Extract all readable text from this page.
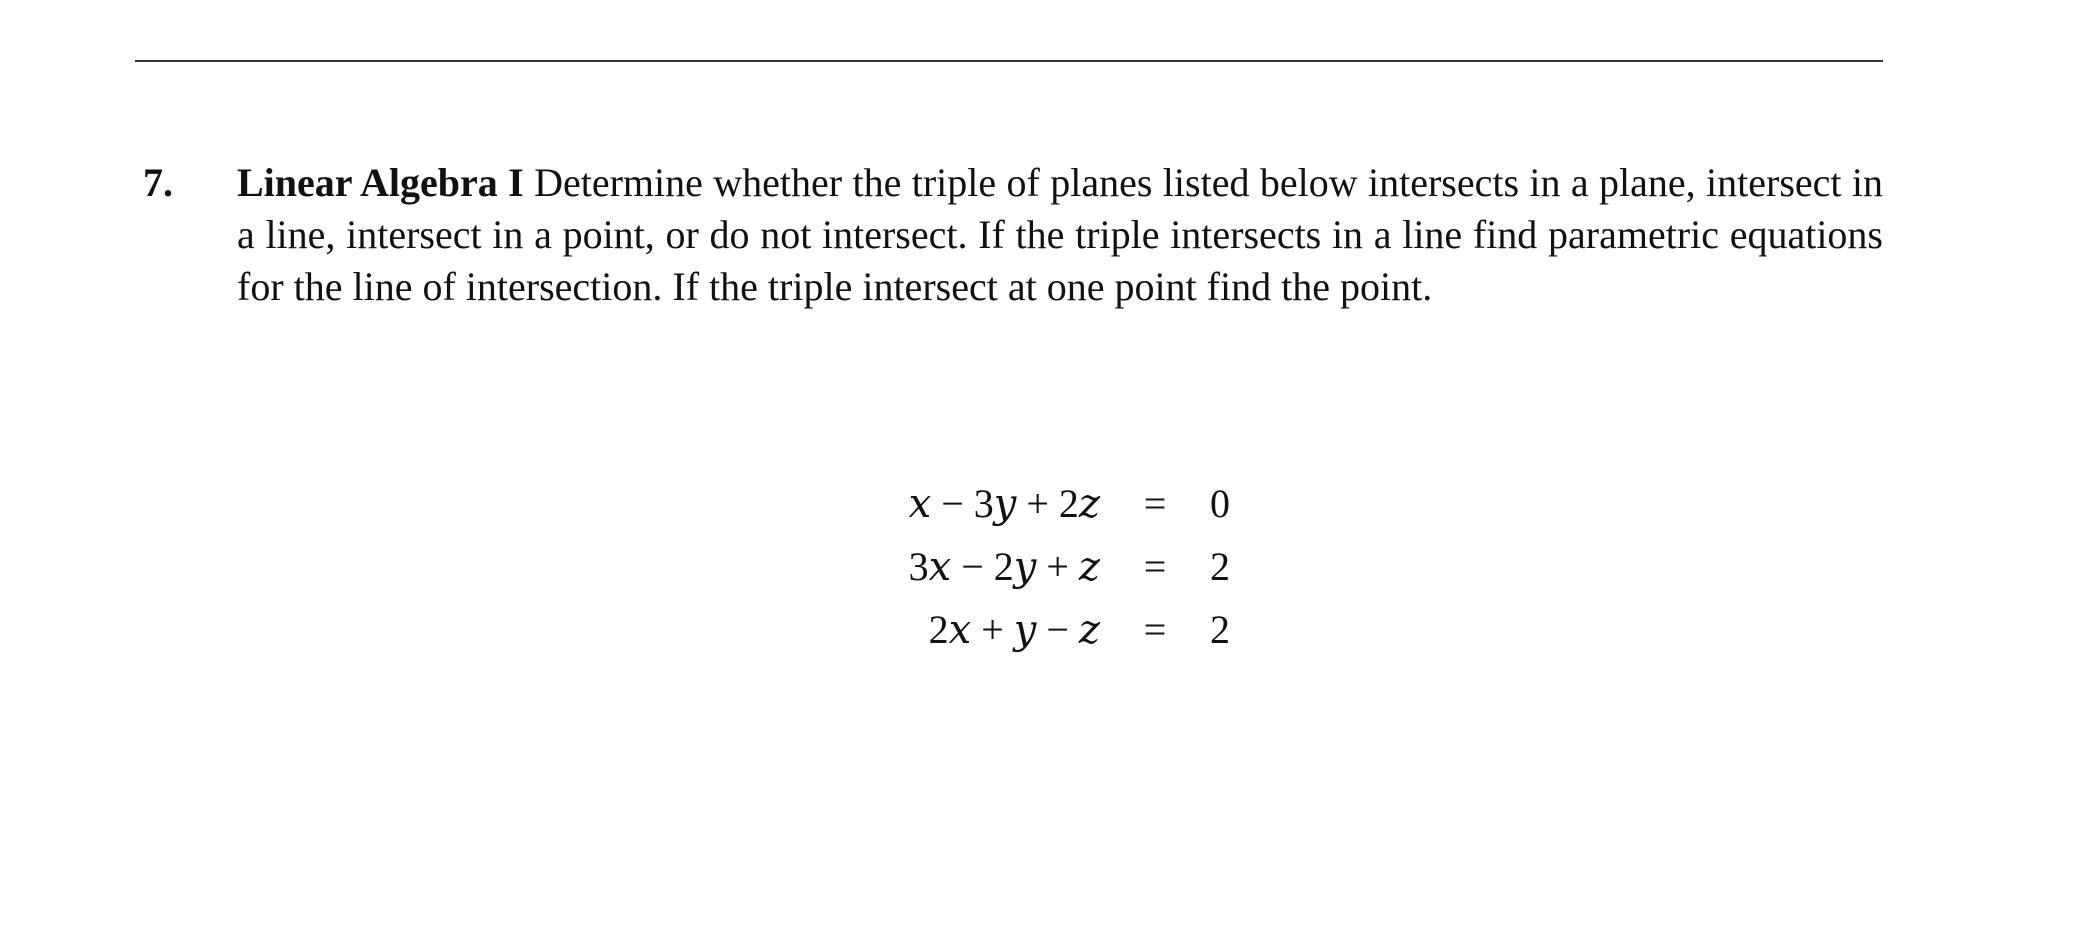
7. Linear Algebra I Determine whether the triple of planes listed below intersects in a plane, intersect in a line, intersect in a point, or do not intersect. If the triple intersects in a line find parametric equations for the line of intersection. If the triple intersect at one point find the point.

𝑥 − 3𝑦 + 2𝑧	=	0
3𝑥 − 2𝑦 + 𝑧	=	2
2𝑥 + 𝑦 − 𝑧	=	2
